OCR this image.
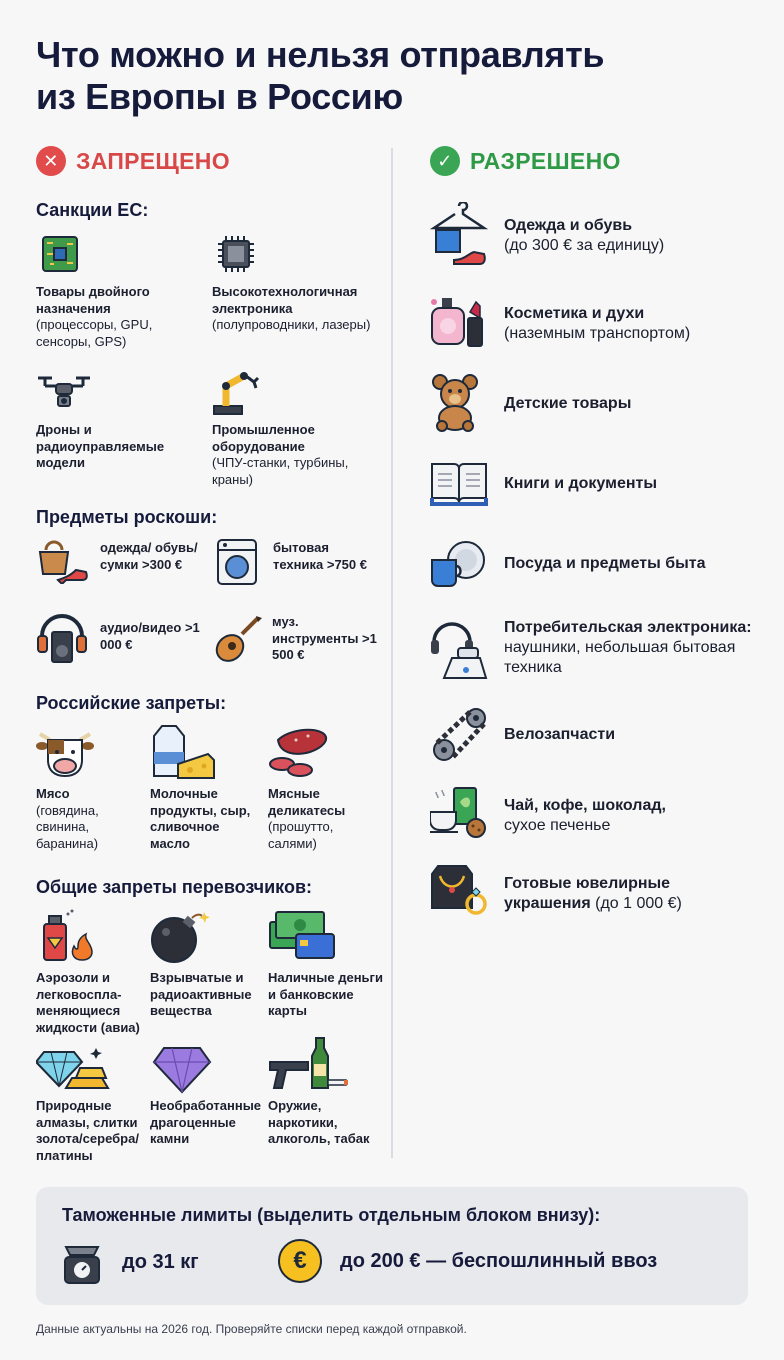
Что можно и нельзя отправлять
из Европы в Россию
✕ ЗАПРЕЩЕНО	✓ РАЗРЕШЕНО
Санкции ЕС:
Товары двойного назначения
(процессоры, GPU, сенсоры, GPS)
Высокотехнологичная электроника
(полупроводники, лазеры)
Дроны и радиоуправляемые модели
Промышленное оборудование
(ЧПУ-станки, турбины, краны)
Предметы роскоши:
одежда/ обувь/сумки >300 €
бытовая техника >750 €
аудио/видео >1 000 €
муз. инструменты >1 500 €
Российские запреты:
Мясо
(говядина, свинина, баранина)
Молочные продукты, сыр, сливочное масло
Мясные деликатесы
(прошутто, салями)
Общие запреты перевозчиков:
Аэрозоли и легковоспла-меняющиеся жидкости (авиа)
Взрывчатые и радиоактивные вещества
Наличные деньги и банковские карты
Природные алмазы, слитки золота/серебра/ платины
Необработанные драгоценные камни
Оружие, наркотики, алкоголь, табак
Одежда и обувь
(до 300 € за единицу)
Косметика и духи
(наземным транспортом)
Детские товары
Книги и документы
Посуда и предметы быта
Потребительская электроника: наушники, небольшая бытовая техника
Велозапчасти
Чай, кофе, шоколад,
сухое печенье
Готовые ювелирные украшения (до 1 000 €)
Таможенные лимиты (выделить отдельным блоком внизу):
до 31 кг	€ до 200 € — беспошлинный ввоз
Данные актуальны на 2026 год. Проверяйте списки перед каждой отправкой.
